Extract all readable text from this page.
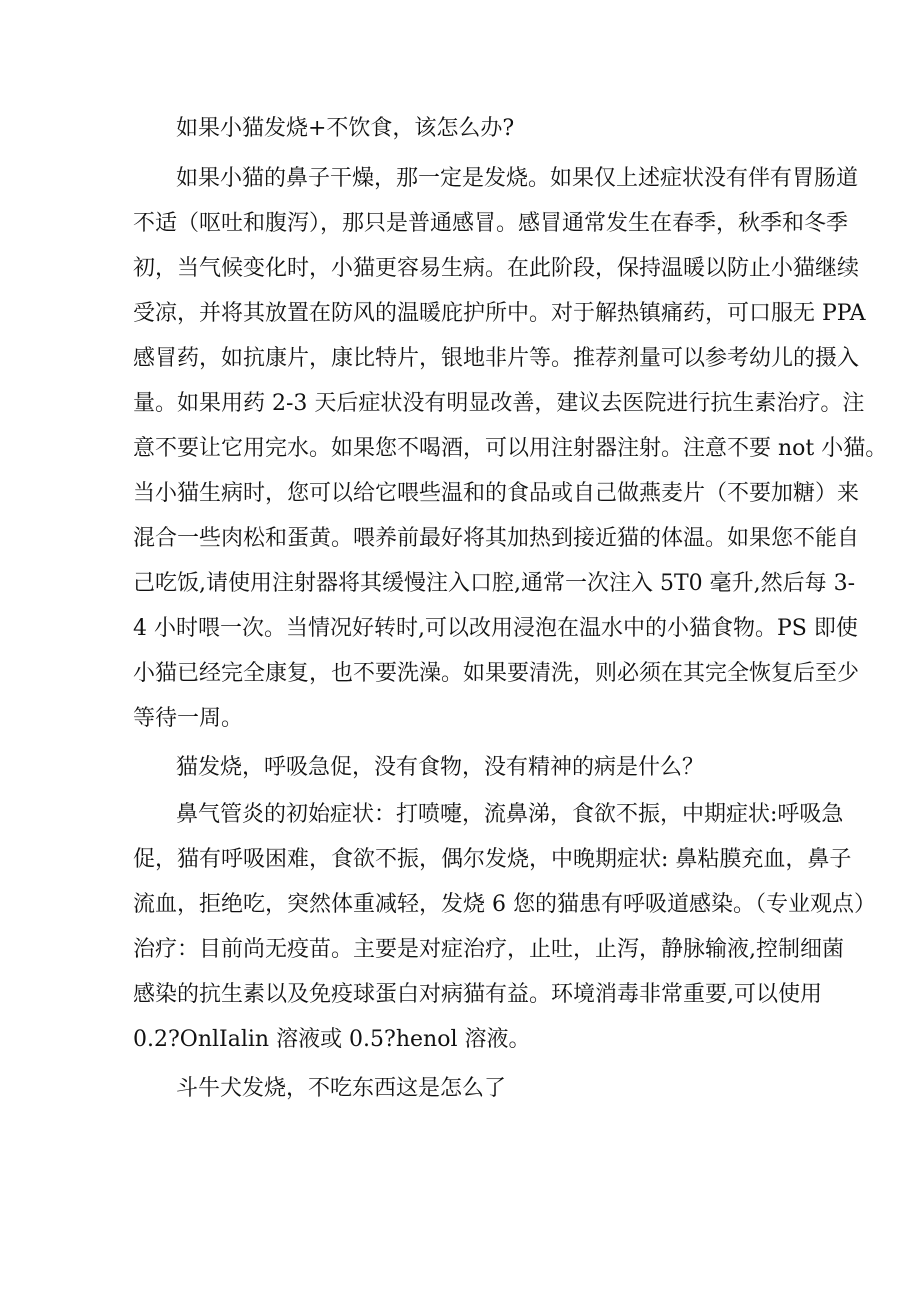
如果小猫发烧+不饮食，该怎么办?

如果小猫的鼻子干燥，那一定是发烧。如果仅上述症状没有伴有胃肠道

不适（呕吐和腹泻），那只是普通感冒。感冒通常发生在春季，秋季和冬季

初，当气候变化时，小猫更容易生病。在此阶段，保持温暖以防止小猫继续

受凉，并将其放置在防风的温暖庇护所中。对于解热镇痛药，可口服无 PPA

感冒药，如抗康片，康比特片，银地非片等。推荐剂量可以参考幼儿的摄入

量。如果用药 2-3 天后症状没有明显改善，建议去医院进行抗生素治疗。注

意不要让它用完水。如果您不喝酒，可以用注射器注射。注意不要 not 小猫。

当小猫生病时，您可以给它喂些温和的食品或自己做燕麦片（不要加糖）来

混合一些肉松和蛋黄。喂养前最好将其加热到接近猫的体温。如果您不能自

己吃饭,请使用注射器将其缓慢注入口腔,通常一次注入 5T0 毫升,然后每 3-

4 小时喂一次。当情况好转时,可以改用浸泡在温水中的小猫食物。PS 即使

小猫已经完全康复，也不要洗澡。如果要清洗，则必须在其完全恢复后至少

等待一周。

猫发烧，呼吸急促，没有食物，没有精神的病是什么？

鼻气管炎的初始症状：打喷嚏，流鼻涕，食欲不振，中期症状:呼吸急

促，猫有呼吸困难，食欲不振，偶尔发烧，中晚期症状: 鼻粘膜充血，鼻子

流血，拒绝吃，突然体重减轻，发烧 6 您的猫患有呼吸道感染。（专业观点）

治疗：目前尚无疫苗。主要是对症治疗，止吐，止泻，静脉输液,控制细菌

感染的抗生素以及免疫球蛋白对病猫有益。环境消毒非常重要,可以使用

0.2?OnlIalin 溶液或 0.5?henol 溶液。

斗牛犬发烧，不吃东西这是怎么了
